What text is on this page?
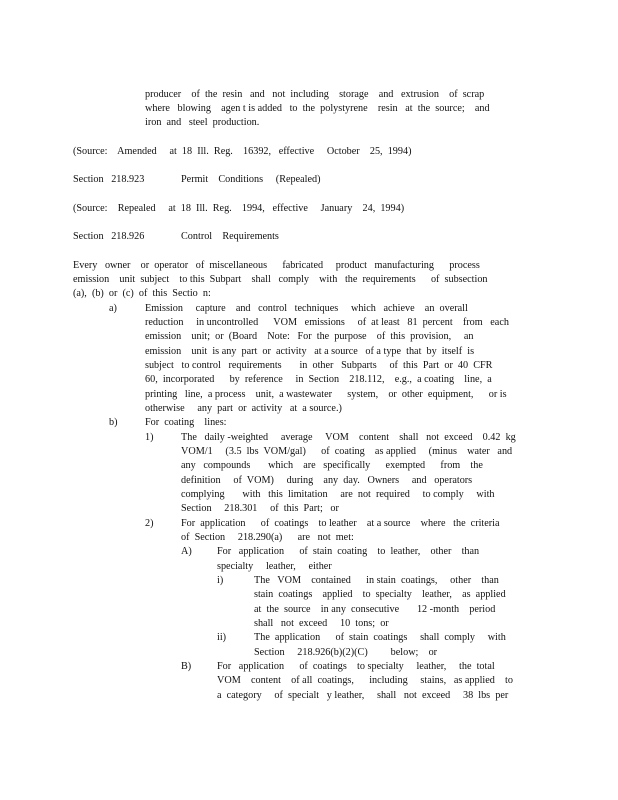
producer    of  the  resin   and   not  including    storage    and   extrusion    of  scrap
where   blowing    agen t is added   to  the  polystyrene    resin   at  the  source;    and
iron  and   steel  production.
(Source:    Amended     at  18  Ill.  Reg.    16392,   effective     October    25,  1994)
Section   218.923	Permit    Conditions     (Repealed)
(Source:    Repealed     at  18  Ill.  Reg.    1994,   effective     January    24,  1994)
Section   218.926	Control    Requirements
Every   owner    or  operator   of  miscellaneous      fabricated     product   manufacturing      process
emission    unit  subject    to this  Subpart    shall   comply    with   the  requirements      of  subsection
(a),  (b)  or  (c)  of  this  Sectio  n:
a)	Emission     capture    and   control   techniques     which   achieve    an  overall
reduction     in uncontrolled      VOM   emissions     of  at least   81  percent    from   each
emission    unit;  or  (Board    Note:   For  the  purpose    of  this  provision,     an
emission    unit  is any  part  or  activity   at a source   of a type  that  by  itself  is
subject   to control   requirements       in  other   Subparts     of  this  Part  or  40  CFR
60,  incorporated      by  reference     in  Section    218.112,    e.g.,  a coating    line,  a
printing   line,  a process    unit,  a wastewater      system,    or  other  equipment,      or is
otherwise     any  part  or  activity   at  a source.)
b)	For  coating    lines:
1)	The   daily -weighted     average     VOM    content    shall   not  exceed    0.42  kg
VOM/1     (3.5  lbs  VOM/gal)      of  coating    as applied     (minus    water   and
any   compounds       which    are   specifically      exempted      from    the
definition     of  VOM)     during    any  day.   Owners     and   operators
complying       with   this  limitation     are  not  required     to comply     with
Section     218.301     of  this  Part;   or
2)	For  application      of  coatings    to leather    at a source    where   the  criteria
of  Section     218.290(a)      are   not  met:
A) For   application      of  stain  coating    to  leather,    other    than
specialty     leather,     either
i)	The   VOM    contained      in stain  coatings,     other    than
stain  coatings    applied    to  specialty    leather,    as  applied
at  the  source    in any  consecutive       12 -month    period
shall   not  exceed     10  tons;  or
ii)	The  application      of  stain  coatings     shall  comply     with
Section     218.926(b)(2)(C)         below;    or
B)	For   application      of  coatings    to specialty     leather,     the  total
VOM    content    of all  coatings,      including     stains,   as applied    to
a  category     of  specialt   y leather,     shall   not  exceed     38  lbs  per
